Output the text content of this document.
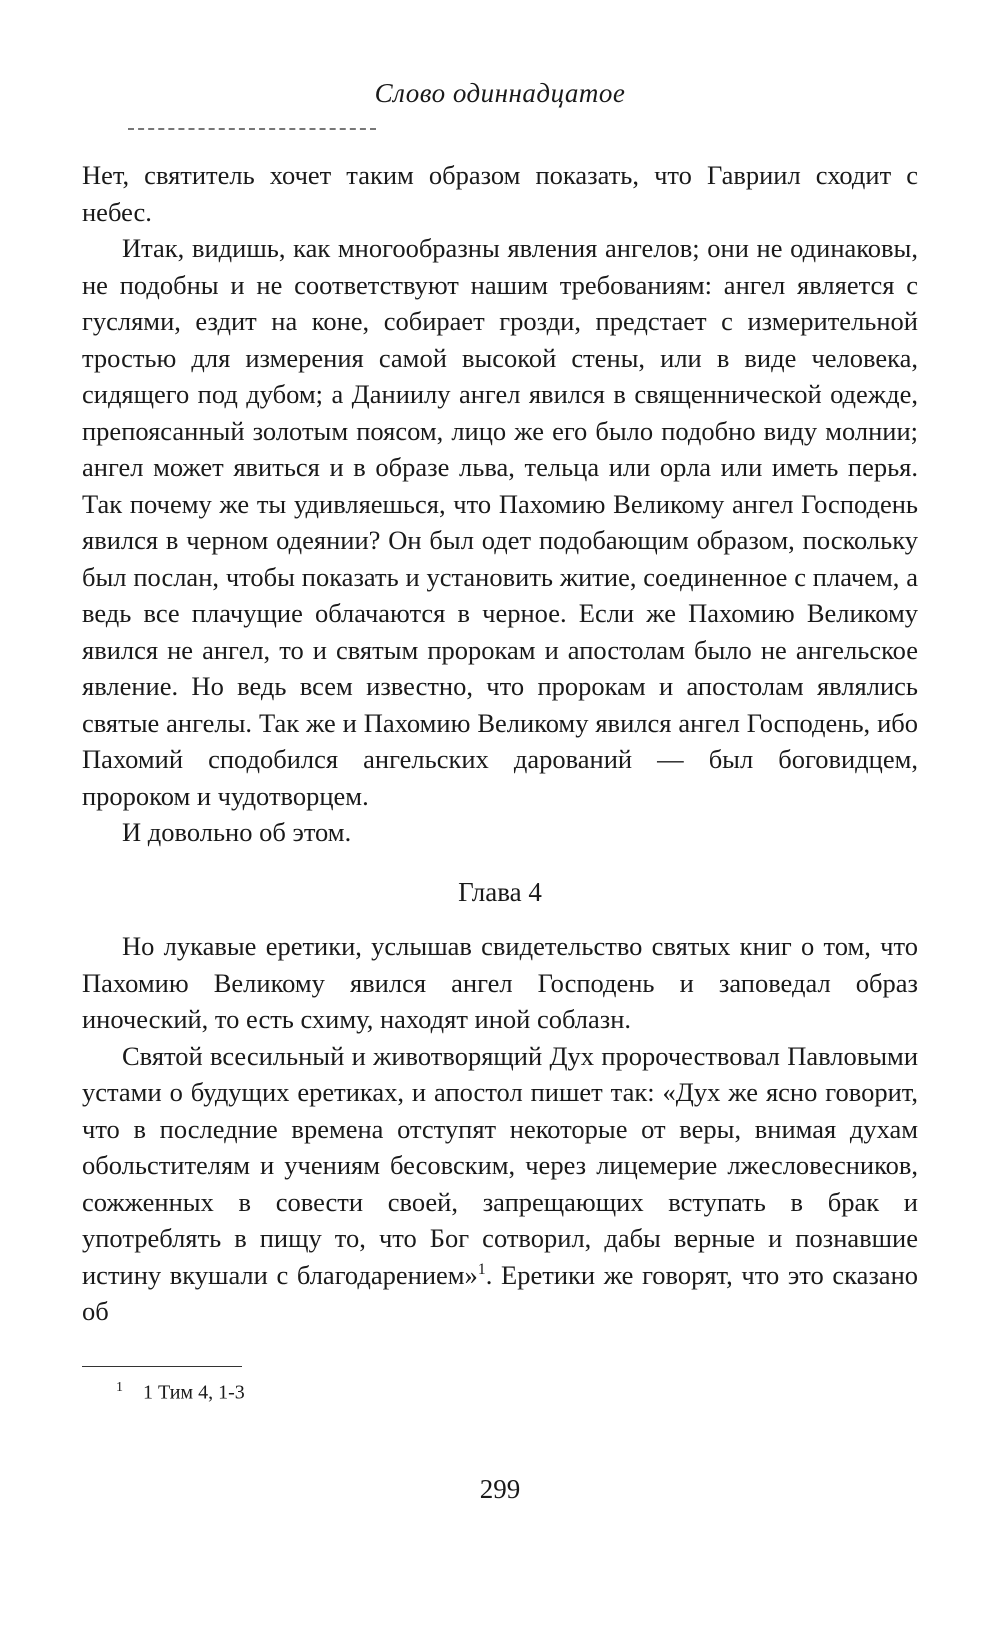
Слово одиннадцатое

Нет, святитель хочет таким образом показать, что Гавриил сходит с небес.

Итак, видишь, как многообразны явления ангелов; они не одинаковы, не подобны и не соответствуют нашим требованиям: ангел является с гуслями, ездит на коне, собирает грозди, предстает с измерительной тростью для измерения самой высокой стены, или в виде человека, сидящего под дубом; а Даниилу ангел явился в священнической одежде, препоясанный золотым поясом, лицо же его было подобно виду молнии; ангел может явиться и в образе льва, тельца или орла или иметь перья. Так почему же ты удивляешься, что Пахомию Великому ангел Господень явился в черном одеянии? Он был одет подобающим образом, поскольку был послан, чтобы показать и установить житие, соединенное с плачем, а ведь все плачущие облачаются в черное. Если же Пахомию Великому явился не ангел, то и святым пророкам и апостолам было не ангельское явление. Но ведь всем известно, что пророкам и апостолам являлись святые ангелы. Так же и Пахомию Великому явился ангел Господень, ибо Пахомий сподобился ангельских дарований — был боговидцем, пророком и чудотворцем.

И довольно об этом.

Глава 4

Но лукавые еретики, услышав свидетельство святых книг о том, что Пахомию Великому явился ангел Господень и заповедал образ иноческий, то есть схиму, находят иной соблазн.

Святой всесильный и животворящий Дух пророчествовал Павловыми устами о будущих еретиках, и апостол пишет так: «Дух же ясно говорит, что в последние времена отступят некоторые от веры, внимая духам обольстителям и учениям бесовским, через лицемерие лжесловесников, сожженных в совести своей, запрещающих вступать в брак и употреблять в пищу то, что Бог сотворил, дабы верные и познавшие истину вкушали с благодарением»$^1$. Еретики же говорят, что это сказано об

$^1$ 1 Тим 4, 1-3
299
